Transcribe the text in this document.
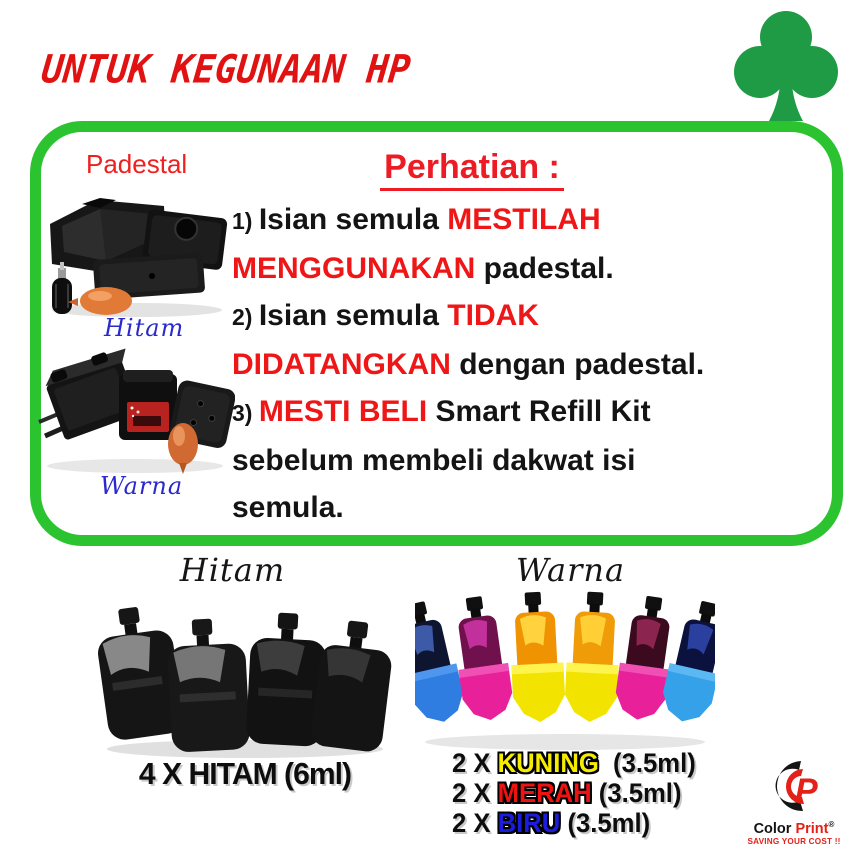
UNTUK KEGUNAAN HP
Padestal
Hitam
Warna
Perhatian :
1) Isian semula MESTILAH
MENGGUNAKAN padestal.
2) Isian semula TIDAK
DIDATANGKAN dengan padestal.
3) MESTI BELI Smart Refill Kit
sebelum membeli dakwat isi
semula.
Hitam	Warna
4 X HITAM (6ml)	2 X KUNING  (3.5ml)
2 X MERAH (3.5ml)
2 X BIRU (3.5ml)
P
Color Print®
SAVING YOUR COST !!
